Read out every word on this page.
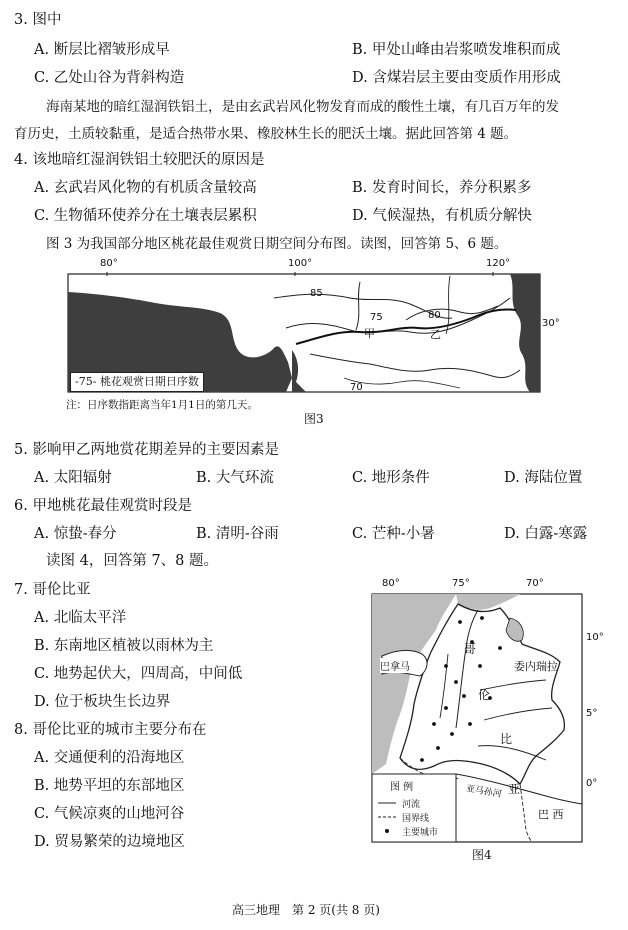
3. 图中
A. 断层比褶皱形成早	B. 甲处山峰由岩浆喷发堆积而成
C. 乙处山谷为背斜构造	D. 含煤岩层主要由变质作用形成
海南某地的暗红湿润铁铝土，是由玄武岩风化物发育而成的酸性土壤，有几百万年的发
育历史，土质较黏重，是适合热带水果、橡胶林生长的肥沃土壤。据此回答第 4 题。
4. 该地暗红湿润铁铝土较肥沃的原因是
A. 玄武岩风化物的有机质含量较高	B. 发育时间长，养分积累多
C. 生物循环使养分在土壤表层累积	D. 气候湿热，有机质分解快
图 3 为我国部分地区桃花最佳观赏日期空间分布图。读图，回答第 5、6 题。
80°	100°	120°
85
75	80
70
甲	乙
30°
-75- 桃花观赏日期日序数
注：日序数指距离当年1月1日的第几天。
图3
5. 影响甲乙两地赏花期差异的主要因素是
A. 太阳辐射	B. 大气环流	C. 地形条件	D. 海陆位置
6. 甲地桃花最佳观赏时段是
A. 惊蛰-春分	B. 清明-谷雨	C. 芒种-小暑	D. 白露-寒露
读图 4，回答第 7、8 题。
7. 哥伦比亚
A. 北临太平洋
B. 东南地区植被以雨林为主
C. 地势起伏大，四周高，中间低
D. 位于板块生长边界
8. 哥伦比亚的城市主要分布在
A. 交通便利的沿海地区
B. 地势平坦的东部地区
C. 气候凉爽的山地河谷
D. 贸易繁荣的边境地区
80°	75°	70°
10°
5°
0°
哥
伦
比
亚
委内瑞拉
巴拿马
巴 西
亚马孙河
图 例
河流
国界线
主要城市
图4
高三地理　第 2 页(共 8 页)
